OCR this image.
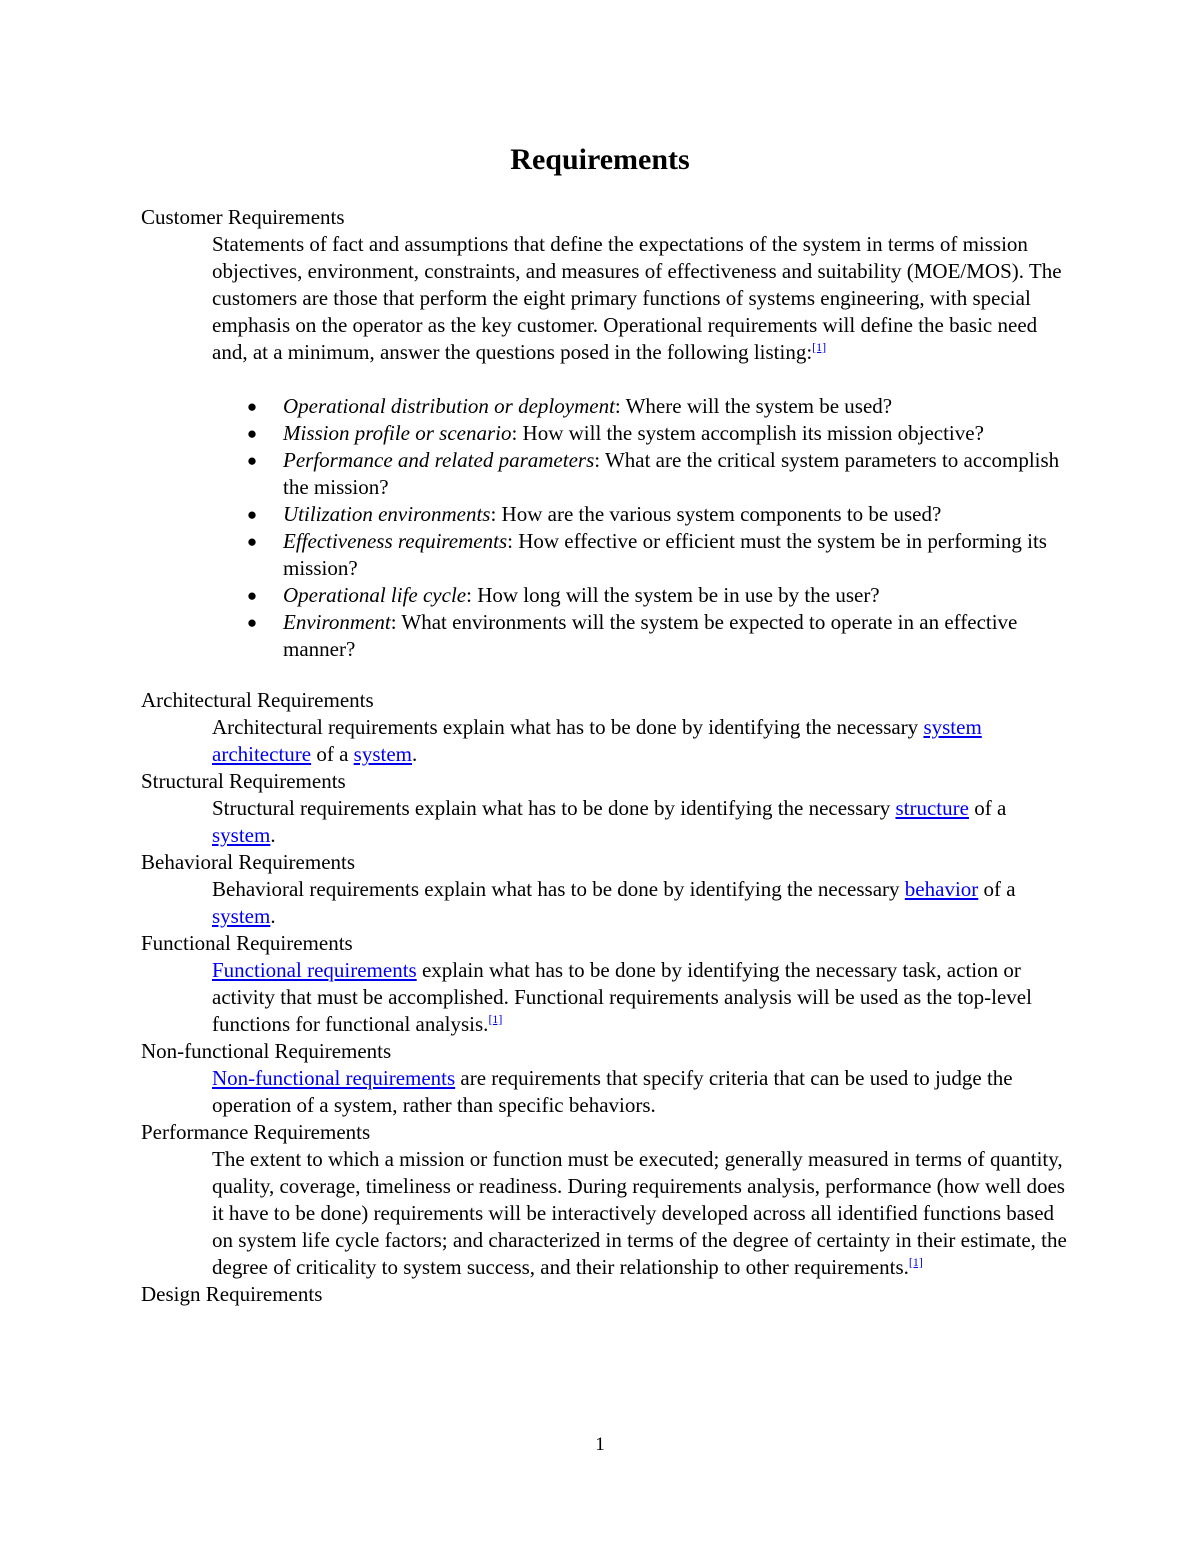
Requirements
Customer Requirements
Statements of fact and assumptions that define the expectations of the system in terms of mission objectives, environment, constraints, and measures of effectiveness and suitability (MOE/MOS). The customers are those that perform the eight primary functions of systems engineering, with special emphasis on the operator as the key customer. Operational requirements will define the basic need and, at a minimum, answer the questions posed in the following listing:[1]
● Operational distribution or deployment: Where will the system be used?
● Mission profile or scenario: How will the system accomplish its mission objective?
● Performance and related parameters: What are the critical system parameters to accomplish the mission?
● Utilization environments: How are the various system components to be used?
● Effectiveness requirements: How effective or efficient must the system be in performing its mission?
● Operational life cycle: How long will the system be in use by the user?
● Environment: What environments will the system be expected to operate in an effective manner?
Architectural Requirements
Architectural requirements explain what has to be done by identifying the necessary system architecture of a system.
Structural Requirements
Structural requirements explain what has to be done by identifying the necessary structure of a system.
Behavioral Requirements
Behavioral requirements explain what has to be done by identifying the necessary behavior of a system.
Functional Requirements
Functional requirements explain what has to be done by identifying the necessary task, action or activity that must be accomplished. Functional requirements analysis will be used as the top-level functions for functional analysis.[1]
Non-functional Requirements
Non-functional requirements are requirements that specify criteria that can be used to judge the operation of a system, rather than specific behaviors.
Performance Requirements
The extent to which a mission or function must be executed; generally measured in terms of quantity, quality, coverage, timeliness or readiness. During requirements analysis, performance (how well does it have to be done) requirements will be interactively developed across all identified functions based on system life cycle factors; and characterized in terms of the degree of certainty in their estimate, the degree of criticality to system success, and their relationship to other requirements.[1]
Design Requirements
1
